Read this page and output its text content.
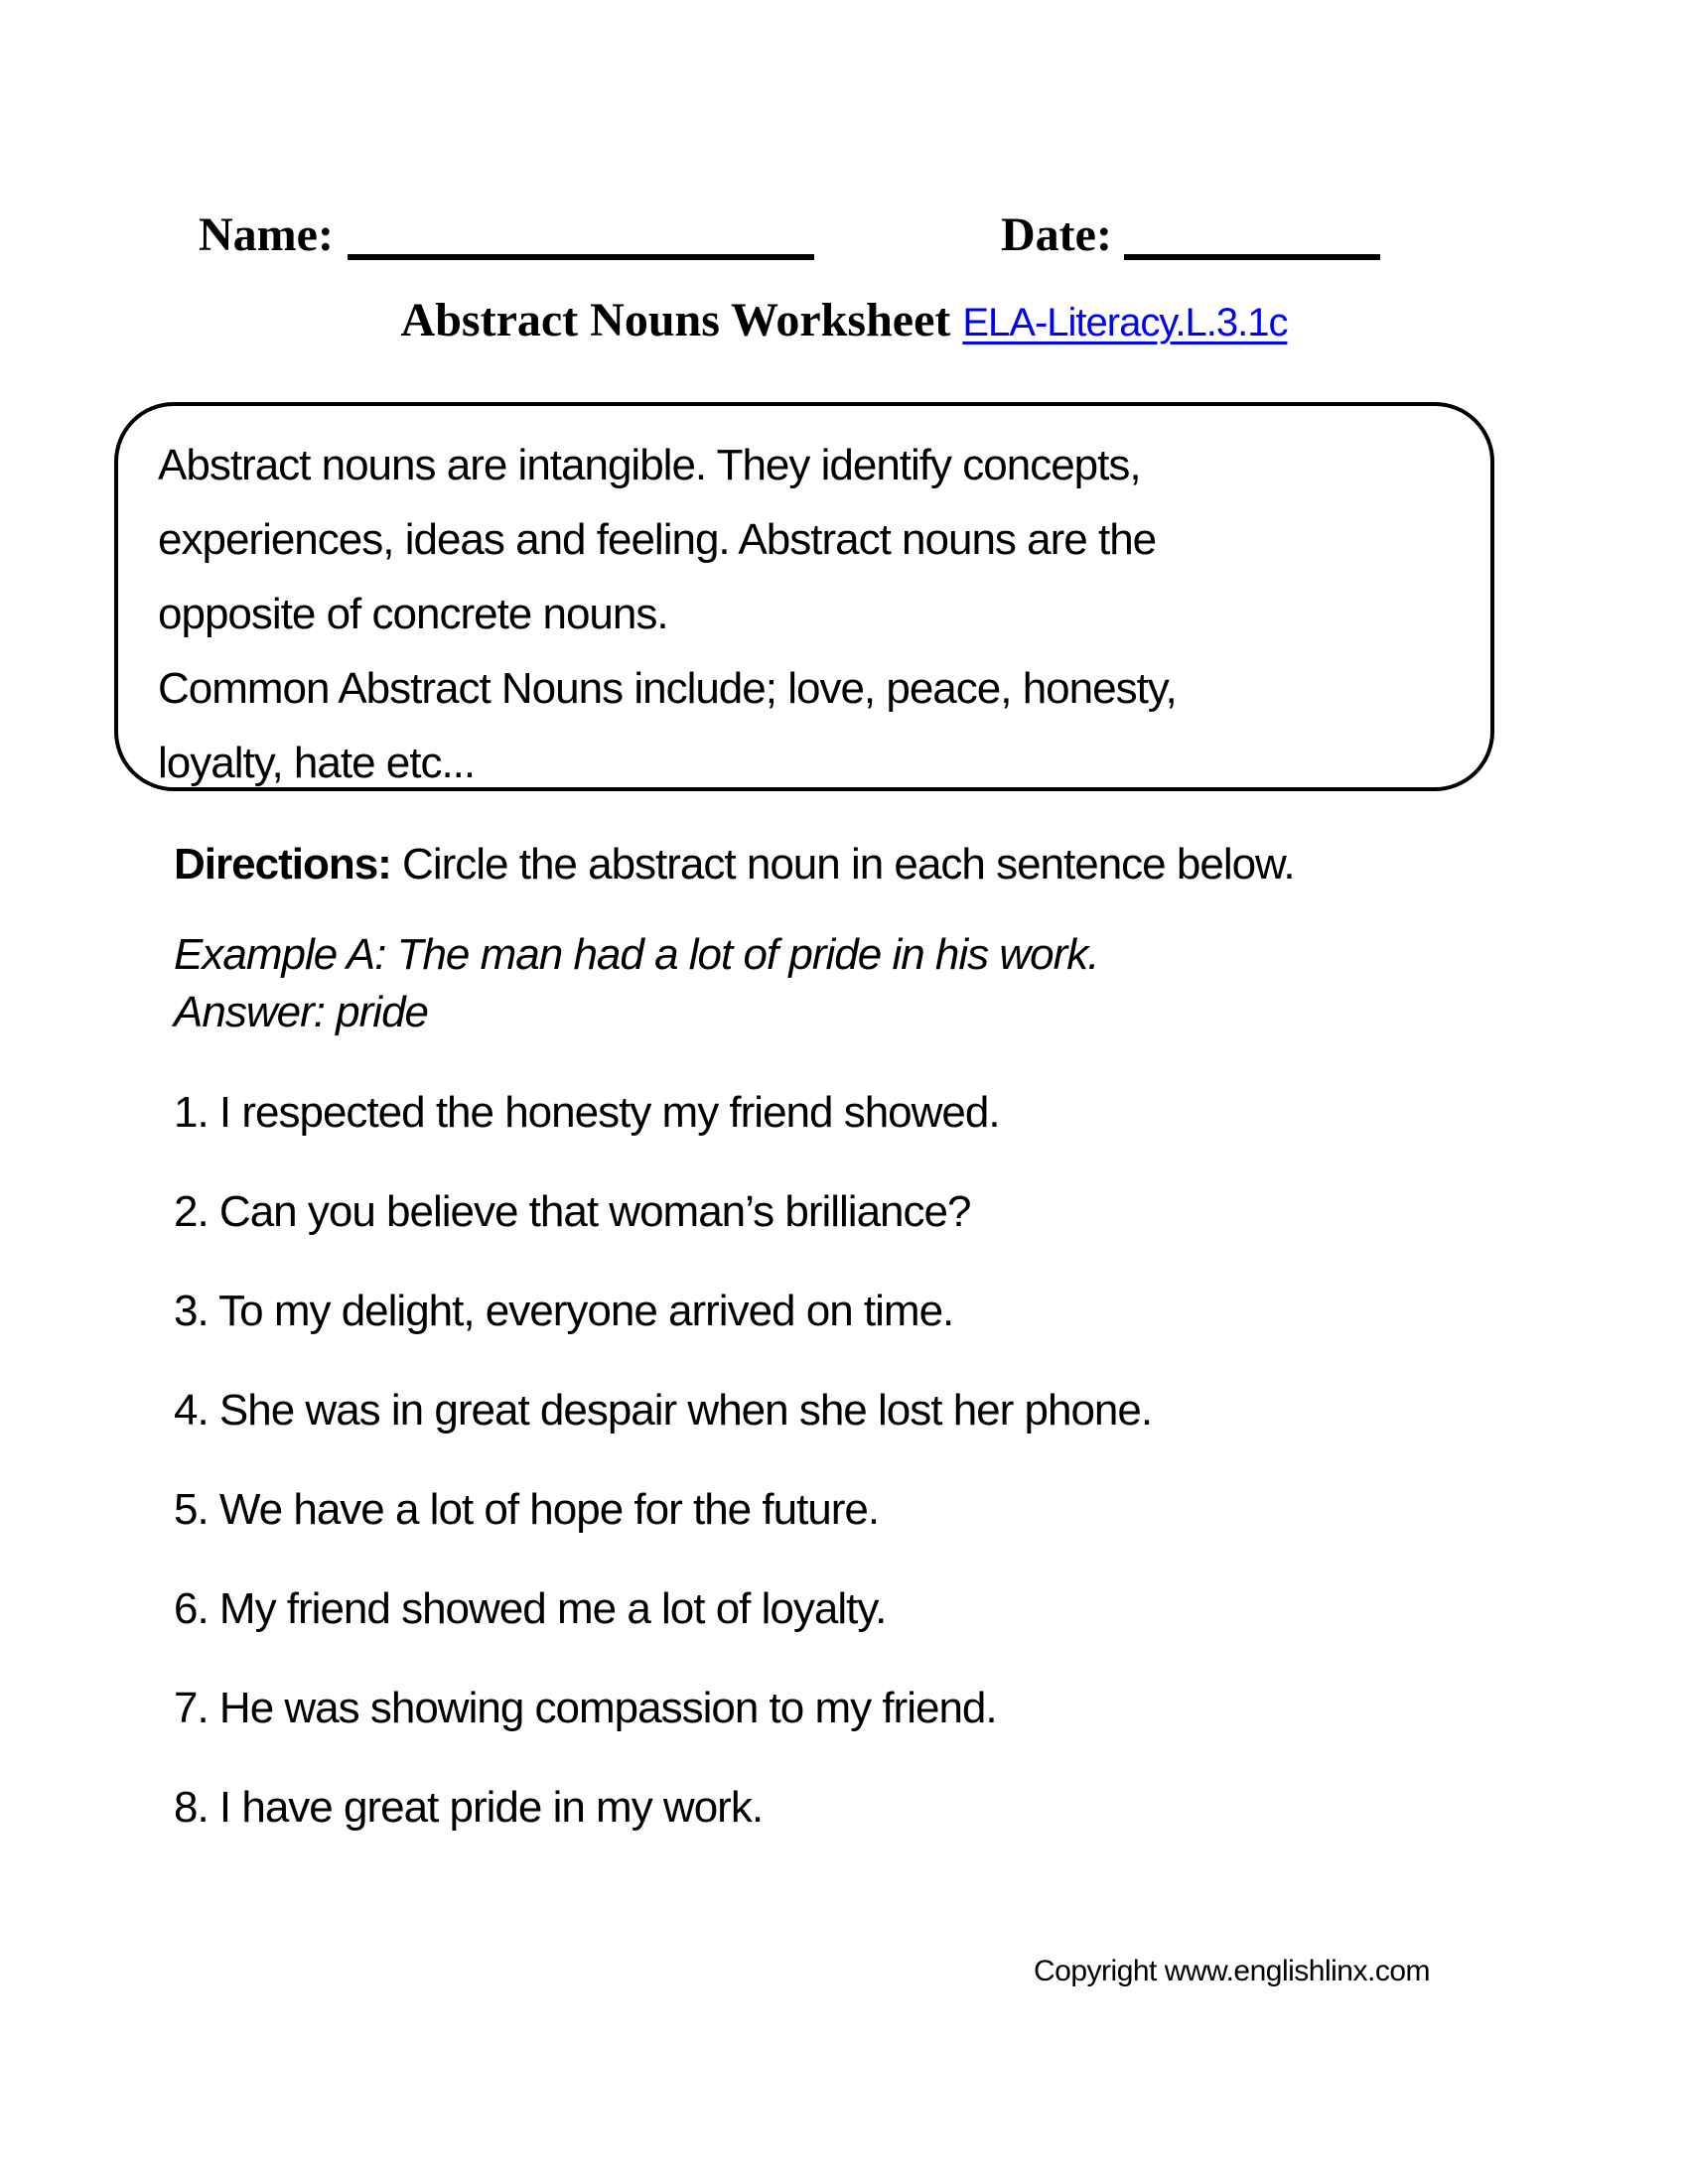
Name:	Date:
Abstract Nouns Worksheet ELA-Literacy.L.3.1c
Abstract nouns are intangible. They identify concepts,
experiences, ideas and feeling. Abstract nouns are the
opposite of concrete nouns.
Common Abstract Nouns include; love, peace, honesty,
loyalty, hate etc...
Directions: Circle the abstract noun in each sentence below.
Example A: The man had a lot of pride in his work.
Answer: pride
1. I respected the honesty my friend showed.
2. Can you believe that woman’s brilliance?
3. To my delight, everyone arrived on time.
4. She was in great despair when she lost her phone.
5. We have a lot of hope for the future.
6. My friend showed me a lot of loyalty.
7. He was showing compassion to my friend.
8. I have great pride in my work.
Copyright www.englishlinx.com
